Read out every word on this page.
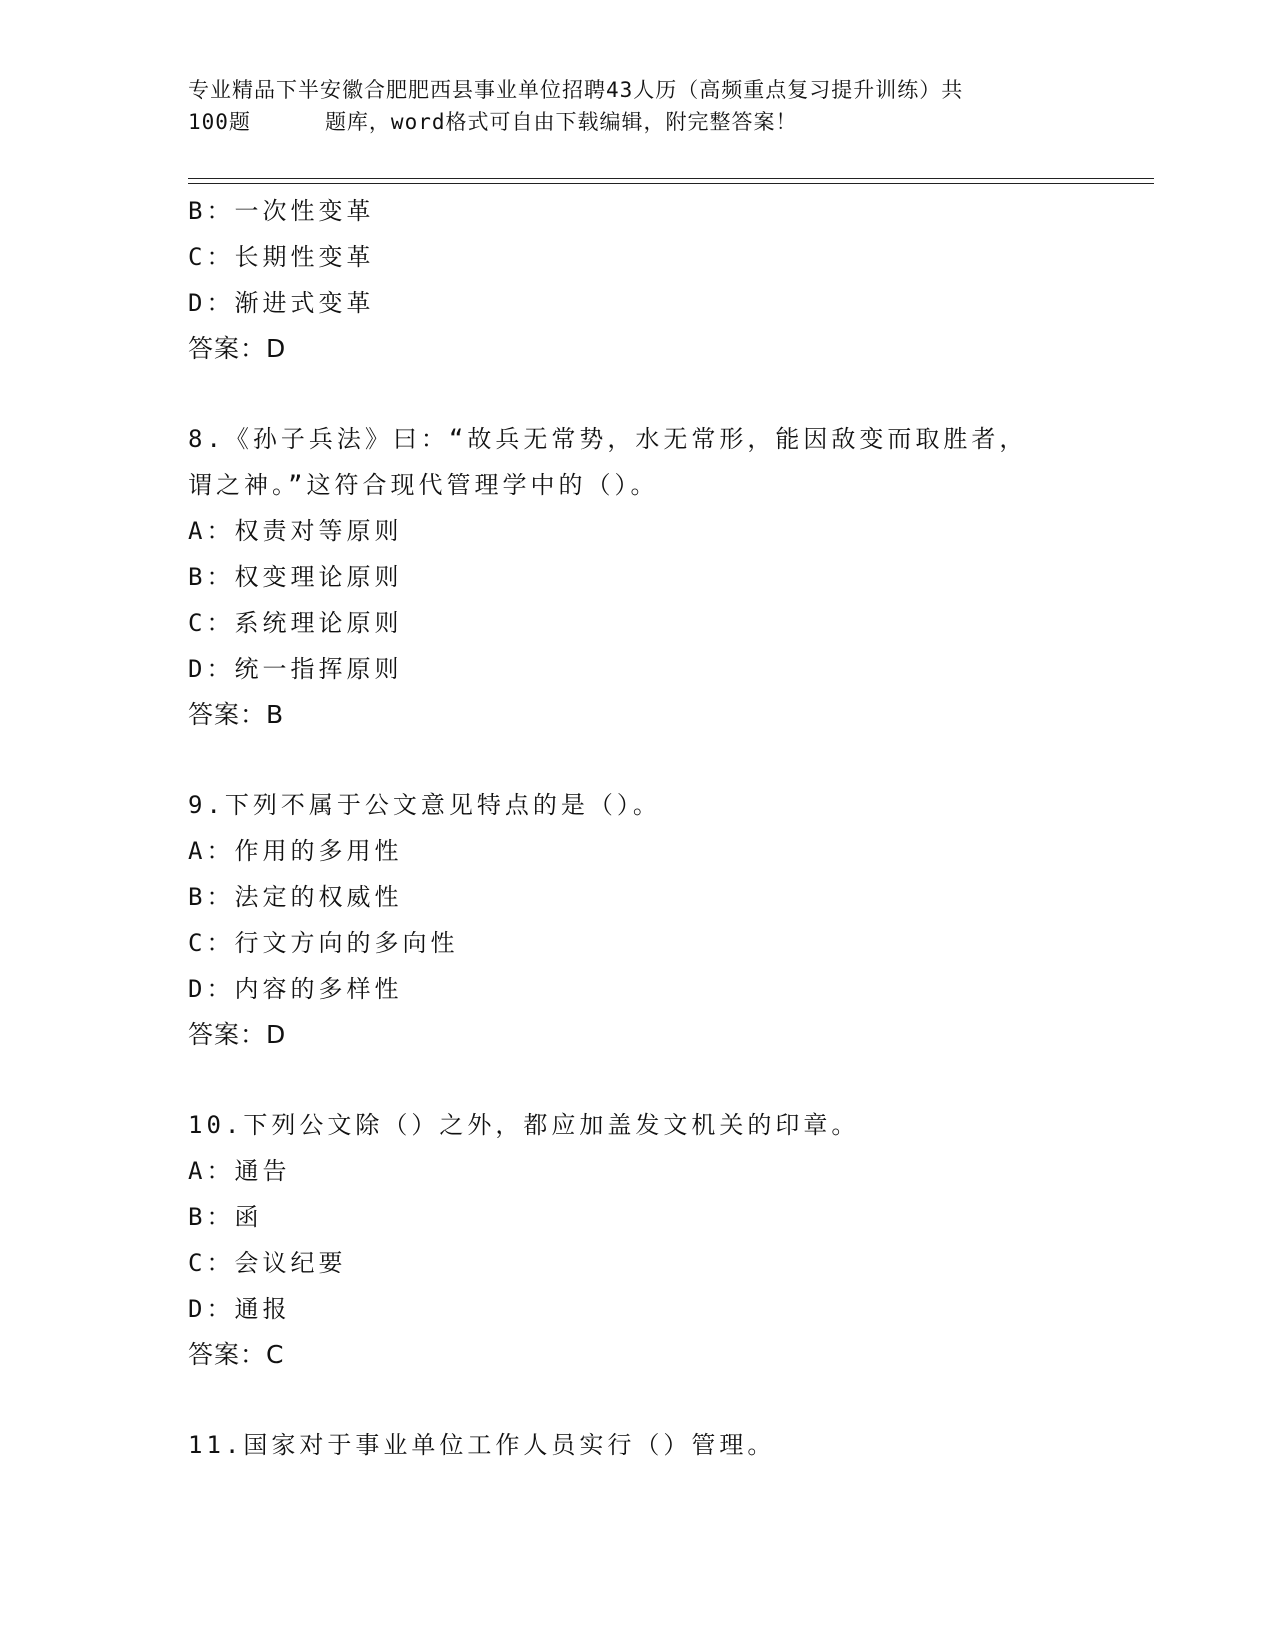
专业精品下半安徽合肥肥西县事业单位招聘43人历（高频重点复习提升训练）共
100题	题库，word格式可自由下载编辑，附完整答案！
B：一次性变革
C：长期性变革
D：渐进式变革
答案：D
8.《孙子兵法》曰：“故兵无常势，水无常形，能因敌变而取胜者，
谓之神。”这符合现代管理学中的（）。
A：权责对等原则
B：权变理论原则
C：系统理论原则
D：统一指挥原则
答案：B
9.下列不属于公文意见特点的是（）。
A：作用的多用性
B：法定的权威性
C：行文方向的多向性
D：内容的多样性
答案：D
10.下列公文除（）之外，都应加盖发文机关的印章。
A：通告
B：函
C：会议纪要
D：通报
答案：C
11.国家对于事业单位工作人员实行（）管理。
